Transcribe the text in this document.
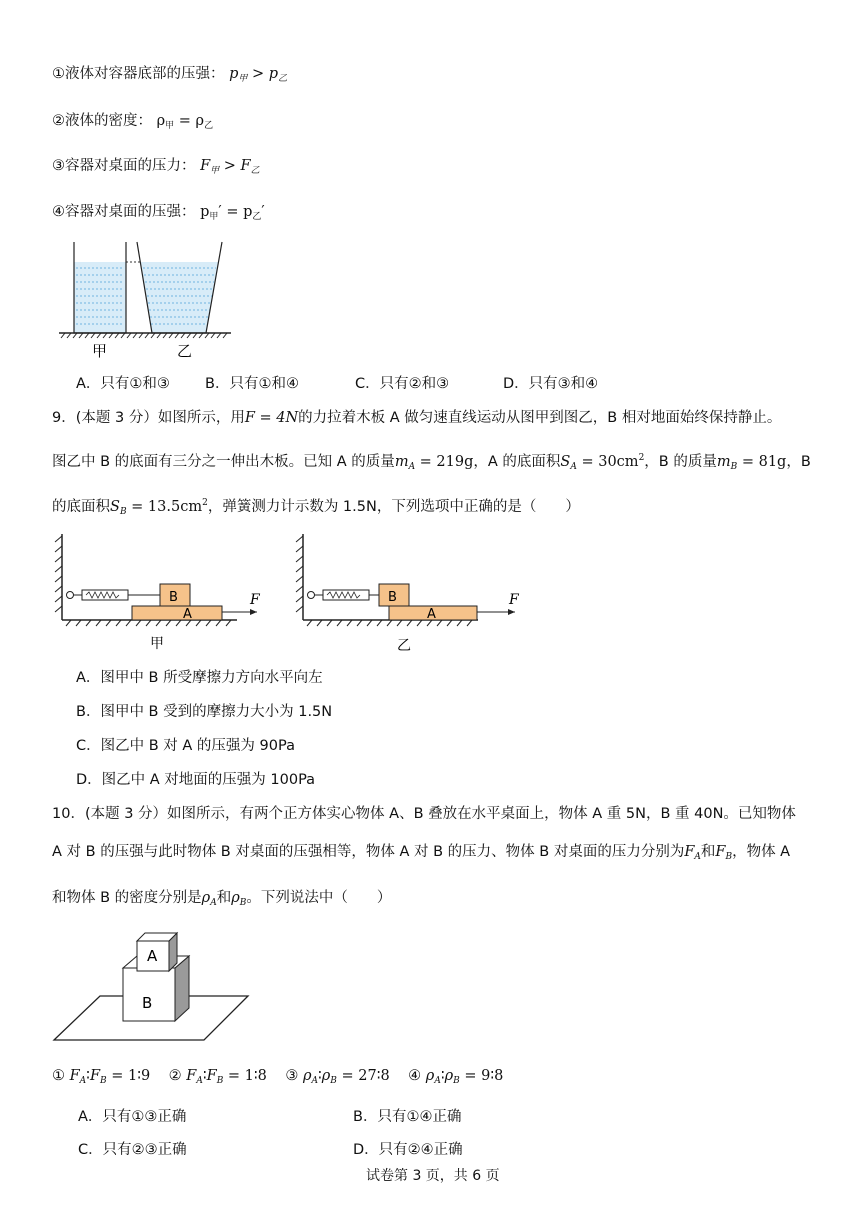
①液体对容器底部的压强： $p_甲 > p_乙$
②液体的密度： $\rho_甲 = \rho_乙$
③容器对桌面的压力： $F_甲 > F_乙$
④容器对桌面的压强： $p_甲' = p_乙'$
甲	乙
A．只有①和③ B．只有①和④	C．只有②和③	D．只有③和④
9．(本题 3 分）如图所示，用F = 4N的力拉着木板 A 做匀速直线运动从图甲到图乙，B 相对地面始终保持静止。
图乙中 B 的底面有三分之一伸出木板。已知 A 的质量$m_A = 219g$，A 的底面积$S_A = 30cm^2$，B 的质量$m_B = 81g$，B
的底面积$S_B = 13.5cm^2$，弹簧测力计示数为 1.5N，下列选项中正确的是（　　）
B
A
F
甲
B
A
F
乙
A．图甲中 B 所受摩擦力方向水平向左
B．图甲中 B 受到的摩擦力大小为 1.5N
C．图乙中 B 对 A 的压强为 90Pa
D．图乙中 A 对地面的压强为 100Pa
10．(本题 3 分）如图所示，有两个正方体实心物体 A、B 叠放在水平桌面上，物体 A 重 5N，B 重 40N。已知物体
A 对 B 的压强与此时物体 B 对桌面的压强相等，物体 A 对 B 的压力、物体 B 对桌面的压力分别为$F_A$和$F_B$，物体 A
和物体 B 的密度分别是$\rho_A$和$\rho_B$。下列说法中（　　）
A
B
① $F_A∶F_B$ = 1∶9    ② $F_A∶F_B$ = 1∶8    ③ $\rho_A∶\rho_B$ = 27∶8    ④ $\rho_A∶\rho_B$ = 9∶8
A．只有①③正确	B．只有①④正确
C．只有②③正确	D．只有②④正确
试卷第 3 页，共 6 页
